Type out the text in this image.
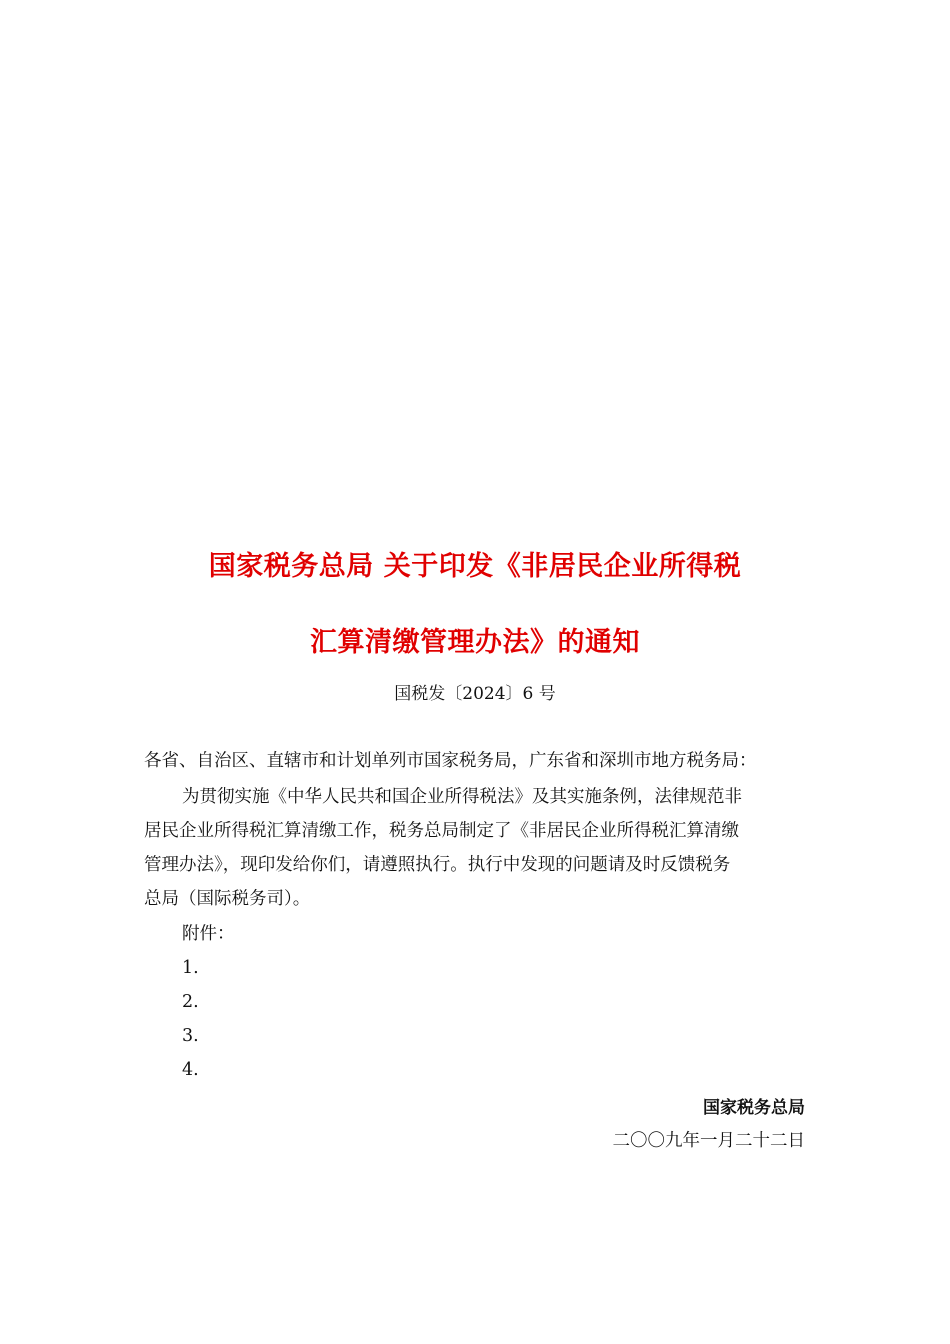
国家税务总局 关于印发《非居民企业所得税
汇算清缴管理办法》的通知
国税发〔2024〕6 号
各省、自治区、直辖市和计划单列市国家税务局，广东省和深圳市地方税务局：
为贯彻实施《中华人民共和国企业所得税法》及其实施条例，法律规范非
居民企业所得税汇算清缴工作，税务总局制定了《非居民企业所得税汇算清缴
管理办法》，现印发给你们，请遵照执行。执行中发现的问题请及时反馈税务
总局（国际税务司）。
附件：
1.
2.
3.
4.
国家税务总局
二〇〇九年一月二十二日
